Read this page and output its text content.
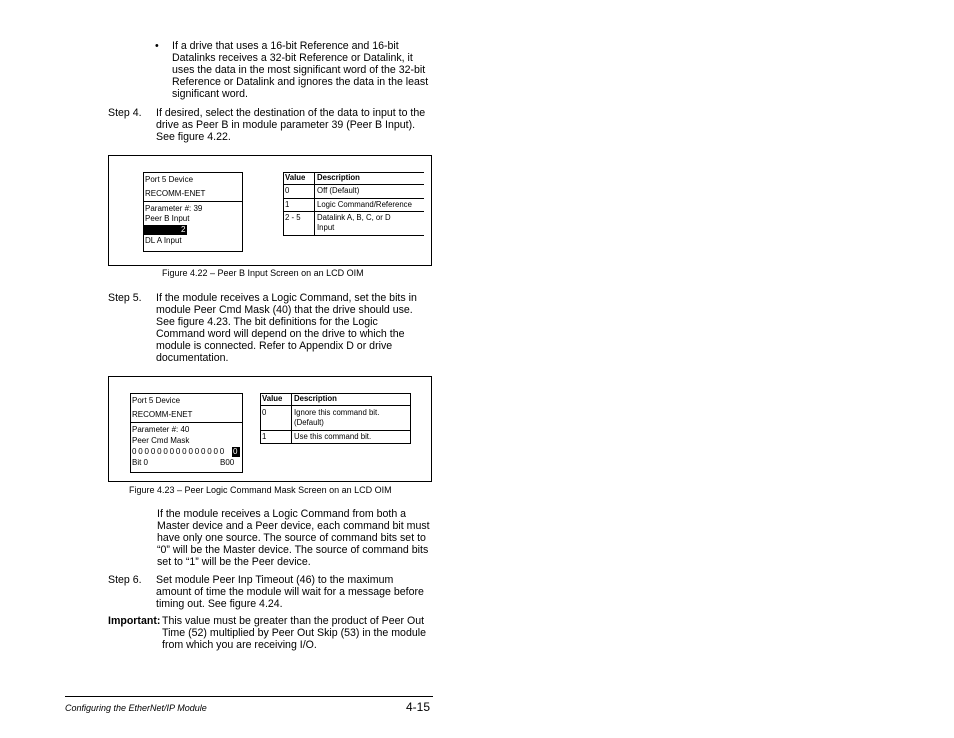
• If a drive that uses a 16-bit Reference and 16-bit
Datalinks receives a 32-bit Reference or Datalink, it
uses the data in the most significant word of the 32-bit
Reference or Datalink and ignores the data in the least
significant word.
Step 4. If desired, select the destination of the data to input to the
drive as Peer B in module parameter 39 (Peer B Input).
See figure 4.22.
Port 5 Device
RECOMM-ENET
Parameter #: 39
Peer B Input
2
DL A Input
Value Description
0	Off (Default)
1	Logic Command/Reference
2 - 5 Datalink A, B, C, or D
Input
Figure 4.22 – Peer B Input Screen on an LCD OIM
Step 5. If the module receives a Logic Command, set the bits in
module Peer Cmd Mask (40) that the drive should use.
See figure 4.23. The bit definitions for the Logic
Command word will depend on the drive to which the
module is connected. Refer to Appendix D or drive
documentation.
Port 5 Device
RECOMM-ENET
Parameter #: 40
Peer Cmd Mask
0 0 0 0 0 0 0 0 0 0 0 0 0 0 0 0
Bit 0	B00
Value Description
0	Ignore this command bit.
(Default)
1	Use this command bit.
Figure 4.23 – Peer Logic Command Mask Screen on an LCD OIM
If the module receives a Logic Command from both a
Master device and a Peer device, each command bit must
have only one source. The source of command bits set to
“0” will be the Master device. The source of command bits
set to “1” will be the Peer device.
Step 6. Set module Peer Inp Timeout (46) to the maximum
amount of time the module will wait for a message before
timing out. See figure 4.24.
Important: This value must be greater than the product of Peer Out
Time (52) multiplied by Peer Out Skip (53) in the module
from which you are receiving I/O.
Configuring the EtherNet/IP Module	4-15
